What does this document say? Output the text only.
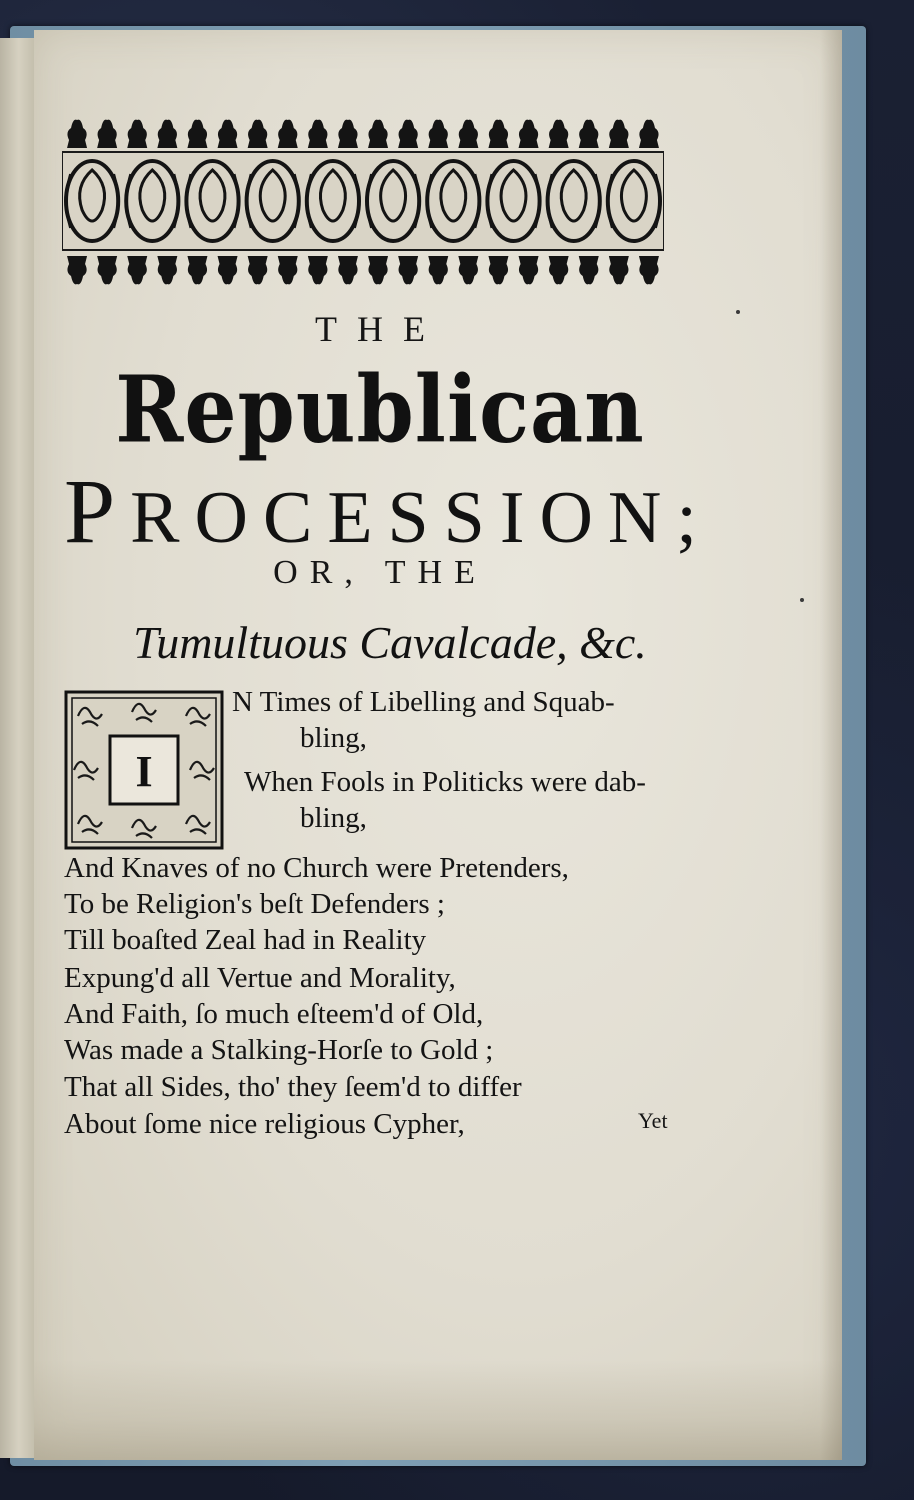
THE
Republican
PROCESSION;
OR, THE
Tumultuous Cavalcade, &c.
I
N Times of Libelling and Squab-
bling,
When Fools in Politicks were dab-
bling,
And Knaves of no Church were Pretenders,
To be Religion's beſt Defenders ;
Till boaſted Zeal had in Reality
Expung'd all Vertue and Morality,
And Faith, ſo much eſteem'd of Old,
Was made a Stalking-Horſe to Gold ;
That all Sides, tho' they ſeem'd to differ
About ſome nice religious Cypher,	Yet
